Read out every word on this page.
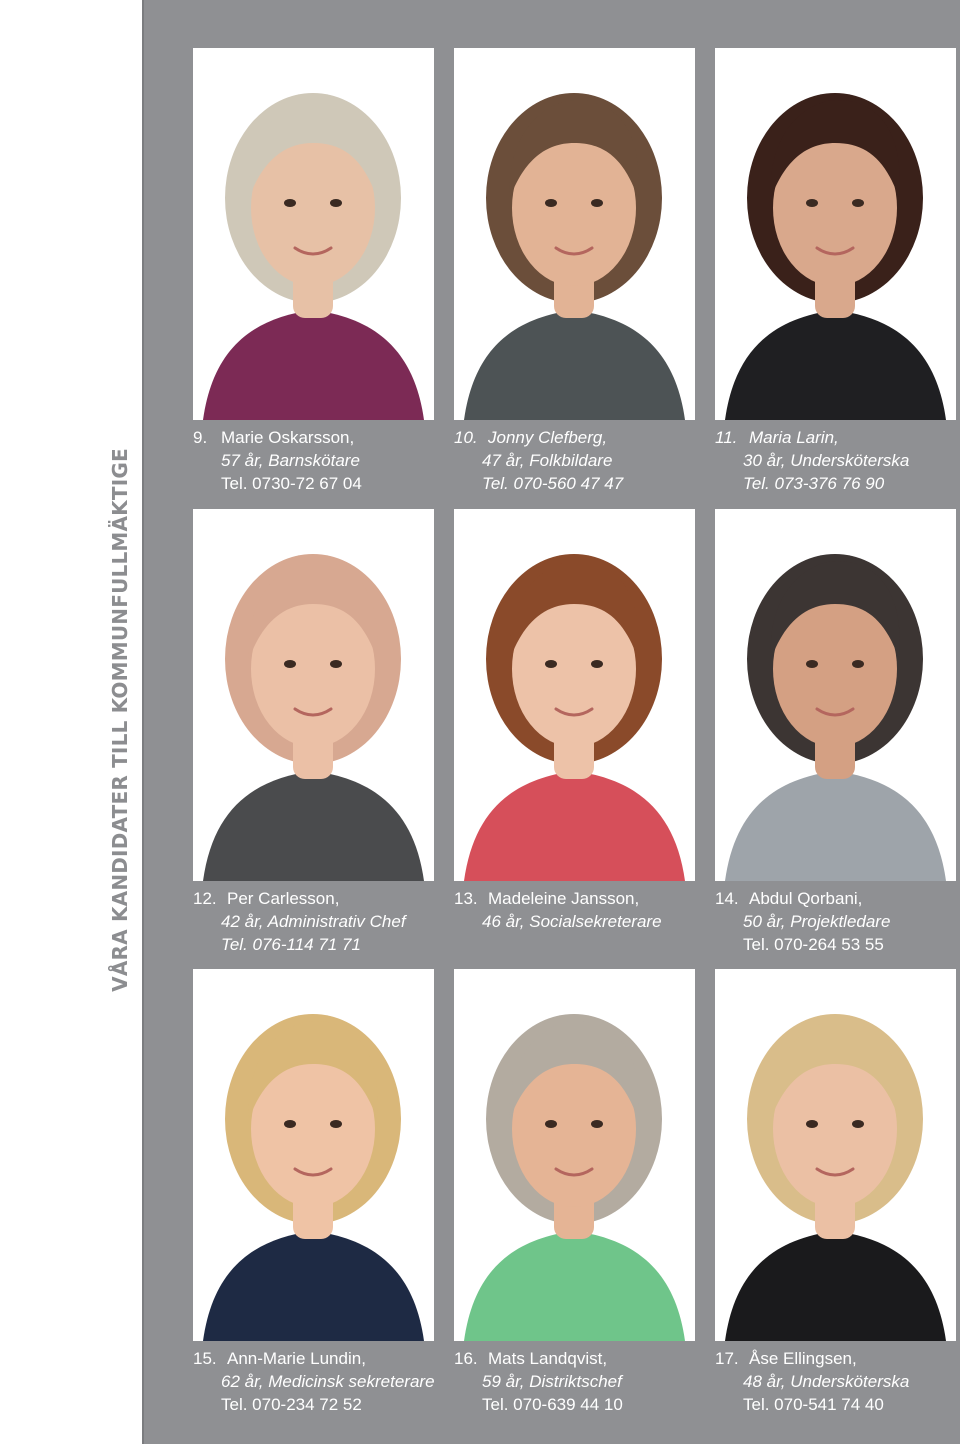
VÅRA KANDIDATER TILL KOMMUNFULLMÄKTIGE
9. Marie Oskarsson,
57 år, Barnskötare
Tel. 0730-72 67 04
10. Jonny Clefberg,
47 år, Folkbildare
Tel. 070-560 47 47
11. Maria Larin,
30 år, Undersköterska
Tel. 073-376 76 90
12. Per Carlesson,
42 år, Administrativ Chef
Tel. 076-114 71 71
13. Madeleine Jansson,
46 år, Socialsekreterare
14. Abdul Qorbani,
50 år, Projektledare
Tel. 070-264 53 55
15. Ann-Marie Lundin,
62 år, Medicinsk sekreterare
Tel. 070-234 72 52
16. Mats Landqvist,
59 år, Distriktschef
Tel. 070-639 44 10
17. Åse Ellingsen,
48 år, Undersköterska
Tel. 070-541 74 40
